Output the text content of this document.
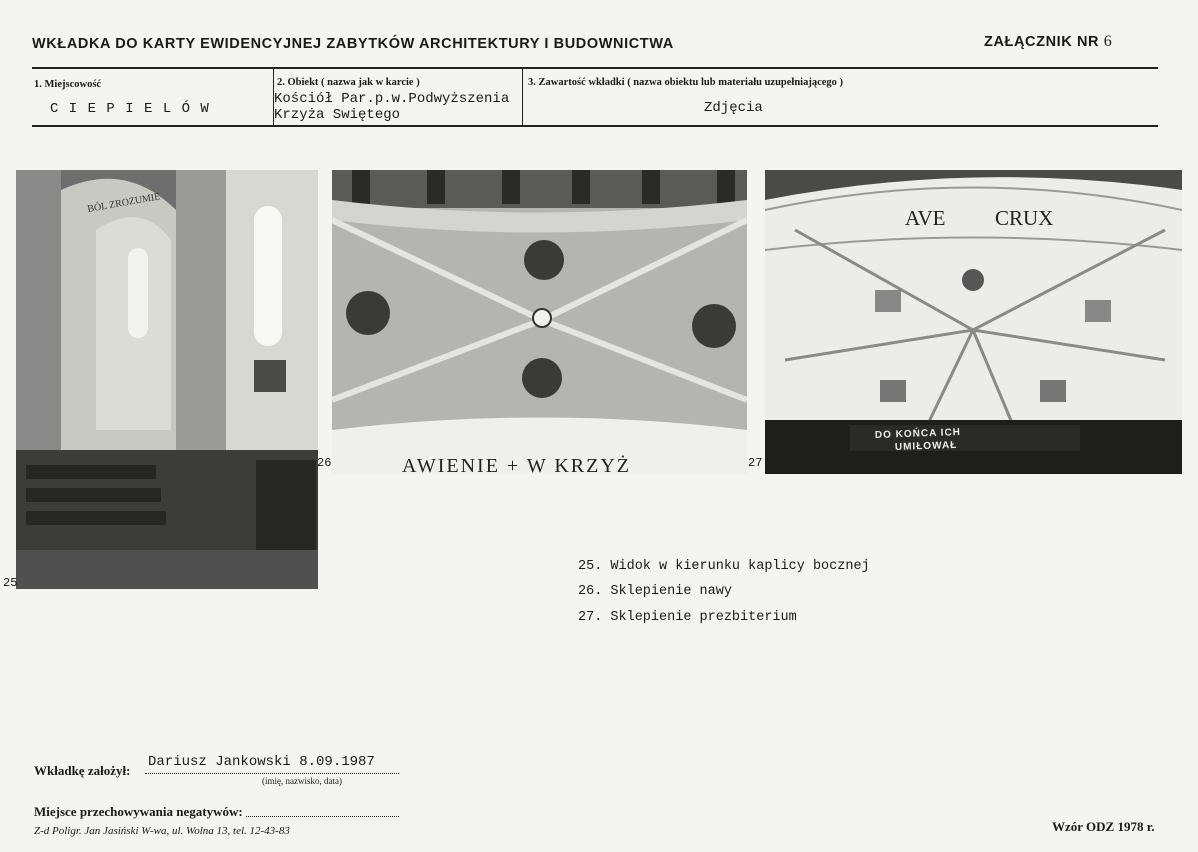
WKŁADKA DO KARTY EWIDENCYJNEJ ZABYTKÓW ARCHITEKTURY I BUDOWNICTWA	ZAŁĄCZNIK NR 6
1. Miejscowość
C I E P I E L Ó W
2. Obiekt ( nazwa jak w karcie )
Kościół Par.p.w.Podwyższenia
Krzyża Swiętego
3. Zawartość wkładki ( nazwa obiektu lub materiału uzupełniającego )
Zdjęcia
BÓL ZROZUMIE
25
AWIENIE + W KRZYŻ
26
AVE CRUX
DO KOŃCA ICH
UMIŁOWAŁ
27
25. Widok w kierunku kaplicy bocznej
26. Sklepienie nawy
27. Sklepienie prezbiterium
Wkładkę założył:
Dariusz Jankowski 8.09.1987
(imię, nazwisko, data)
Miejsce przechowywania negatywów:
Z-d Poligr. Jan Jasiński W-wa, ul. Wolna 13, tel. 12-43-83	Wzór ODZ 1978 r.
